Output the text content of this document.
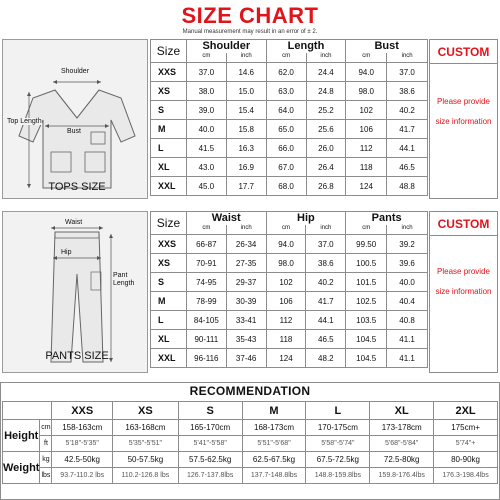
SIZE CHART
Manual measurement may result in an error of ± 2.
Shoulder
Bust
Top Length
TOPS SIZE
Size	Shoulder		Length		Bust	
	cm	inch	cm	inch	cm	inch
XXS	37.0	14.6	62.0	24.4	94.0	37.0
XS	38.0	15.0	63.0	24.8	98.0	38.6
S	39.0	15.4	64.0	25.2	102	40.2
M	40.0	15.8	65.0	25.6	106	41.7
L	41.5	16.3	66.0	26.0	112	44.1
XL	43.0	16.9	67.0	26.4	118	46.5
XXL	45.0	17.7	68.0	26.8	124	48.8
CUSTOM
Please provide
size information
Waist
Hip
Pant
Length
PANTS SIZE
Size	Waist		Hip		Pants	
	cm	inch	cm	inch	cm	inch
XXS	66-87	26-34	94.0	37.0	99.50	39.2
XS	70-91	27-35	98.0	38.6	100.5	39.6
S	74-95	29-37	102	40.2	101.5	40.0
M	78-99	30-39	106	41.7	102.5	40.4
L	84-105	33-41	112	44.1	103.5	40.8
XL	90-111	35-43	118	46.5	104.5	41.1
XXL	96-116	37-46	124	48.2	104.5	41.1
CUSTOM
Please provide
size information
RECOMMENDATION
		XXS	XS	S	M	L	XL	2XL
Height	cm	158-163cm	163-168cm	165-170cm	168-173cm	170-175cm	173-178cm	175cm+
	ft	5'18"-5'35"	5'35"-5'51"	5'41"-5'58"	5'51"-5'68"	5'58"-5'74"	5'68"-5'84"	5'74"+
Weight	kg	42.5-50kg	50-57.5kg	57.5-62.5kg	62.5-67.5kg	67.5-72.5kg	72.5-80kg	80-90kg
	lbs	93.7-110.2 lbs	110.2-126.8 lbs	126.7-137.8lbs	137.7-148.8lbs	148.8-159.8lbs	159.8-176.4lbs	176.3-198.4lbs
